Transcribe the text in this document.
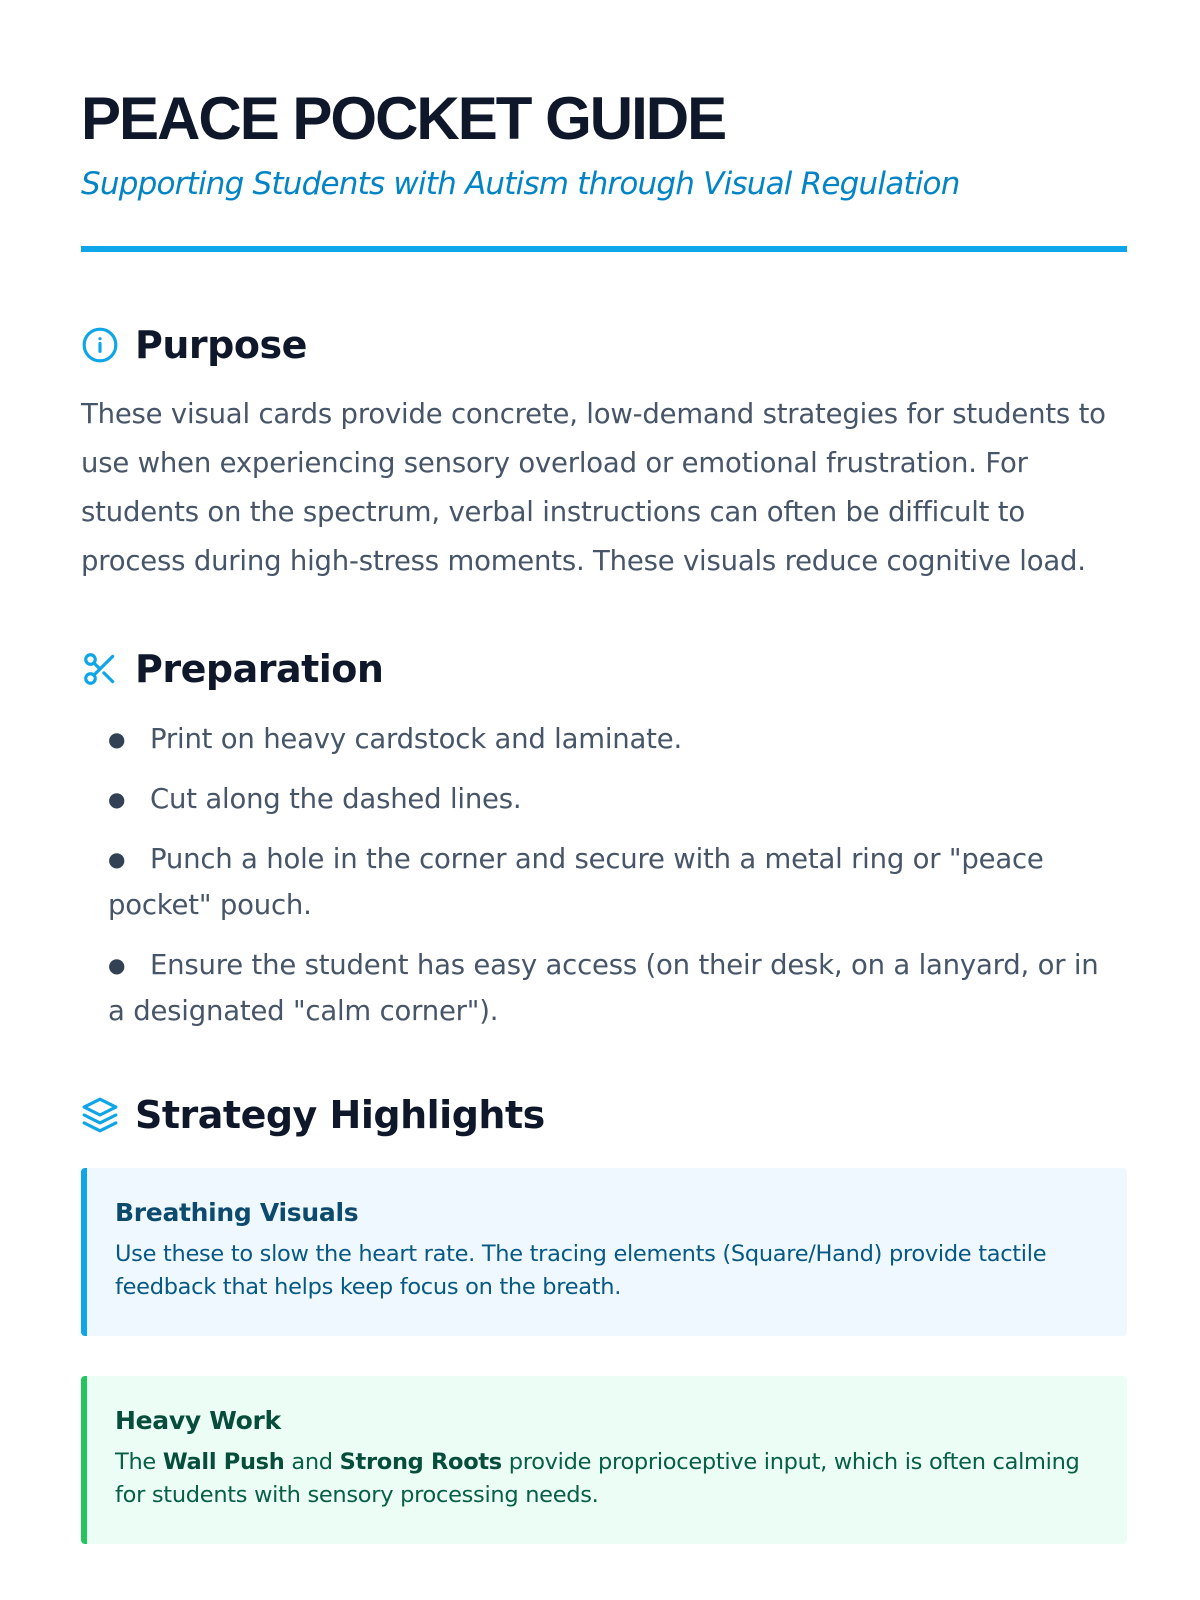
PEACE POCKET GUIDE
Supporting Students with Autism through Visual Regulation
Purpose

These visual cards provide concrete, low-demand strategies for students to use when experiencing sensory overload or emotional frustration. For students on the spectrum, verbal instructions can often be difficult to process during high-stress moments. These visuals reduce cognitive load.

Preparation
● Print on heavy cardstock and laminate.
● Cut along the dashed lines.
● Punch a hole in the corner and secure with a metal ring or "peace pocket" pouch.
● Ensure the student has easy access (on their desk, on a lanyard, or in a designated "calm corner").
Strategy Highlights
Breathing Visuals

Use these to slow the heart rate. The tracing elements (Square/Hand) provide tactile feedback that helps keep focus on the breath.

Heavy Work

The Wall Push and Strong Roots provide proprioceptive input, which is often calming for students with sensory processing needs.
